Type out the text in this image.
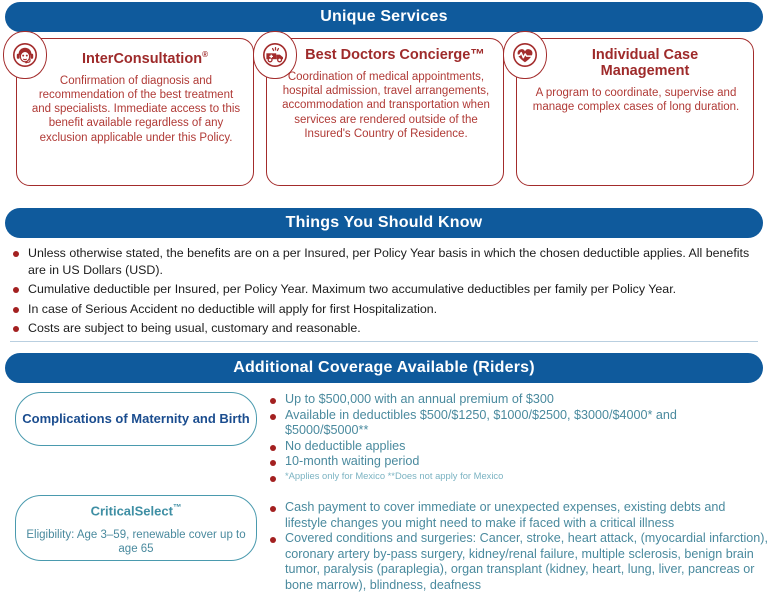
Unique Services
InterConsultation®
Confirmation of diagnosis and recommendation of the best treatment and specialists. Immediate access to this benefit available regardless of any exclusion applicable under this Policy.
Best Doctors Concierge™
Coordination of medical appointments, hospital admission, travel arrangements, accommodation and transportation when services are rendered outside of the Insured's Country of Residence.
Individual Case Management
A program to coordinate, supervise and manage complex cases of long duration.
Things You Should Know
Unless otherwise stated, the benefits are on a per Insured, per Policy Year basis in which the chosen deductible applies. All benefits are in US Dollars (USD).
Cumulative deductible per Insured, per Policy Year. Maximum two accumulative deductibles per family per Policy Year.
In case of Serious Accident no deductible will apply for first Hospitalization.
Costs are subject to being usual, customary and reasonable.
Additional Coverage Available (Riders)
Complications of Maternity and Birth
Up to $500,000 with an annual premium of $300
Available in deductibles $500/$1250, $1000/$2500, $3000/$4000* and $5000/$5000**
No deductible applies
10-month waiting period
*Applies only for Mexico **Does not apply for Mexico
CriticalSelect™
Eligibility: Age 3–59, renewable cover up to age 65
Cash payment to cover immediate or unexpected expenses, existing debts and lifestyle changes you might need to make if faced with a critical illness
Covered conditions and surgeries: Cancer, stroke, heart attack, (myocardial infarction), coronary artery by-pass surgery, kidney/renal failure, multiple sclerosis, benign brain tumor, paralysis (paraplegia), organ transplant (kidney, heart, lung, liver, pancreas or bone marrow), blindness, deafness
